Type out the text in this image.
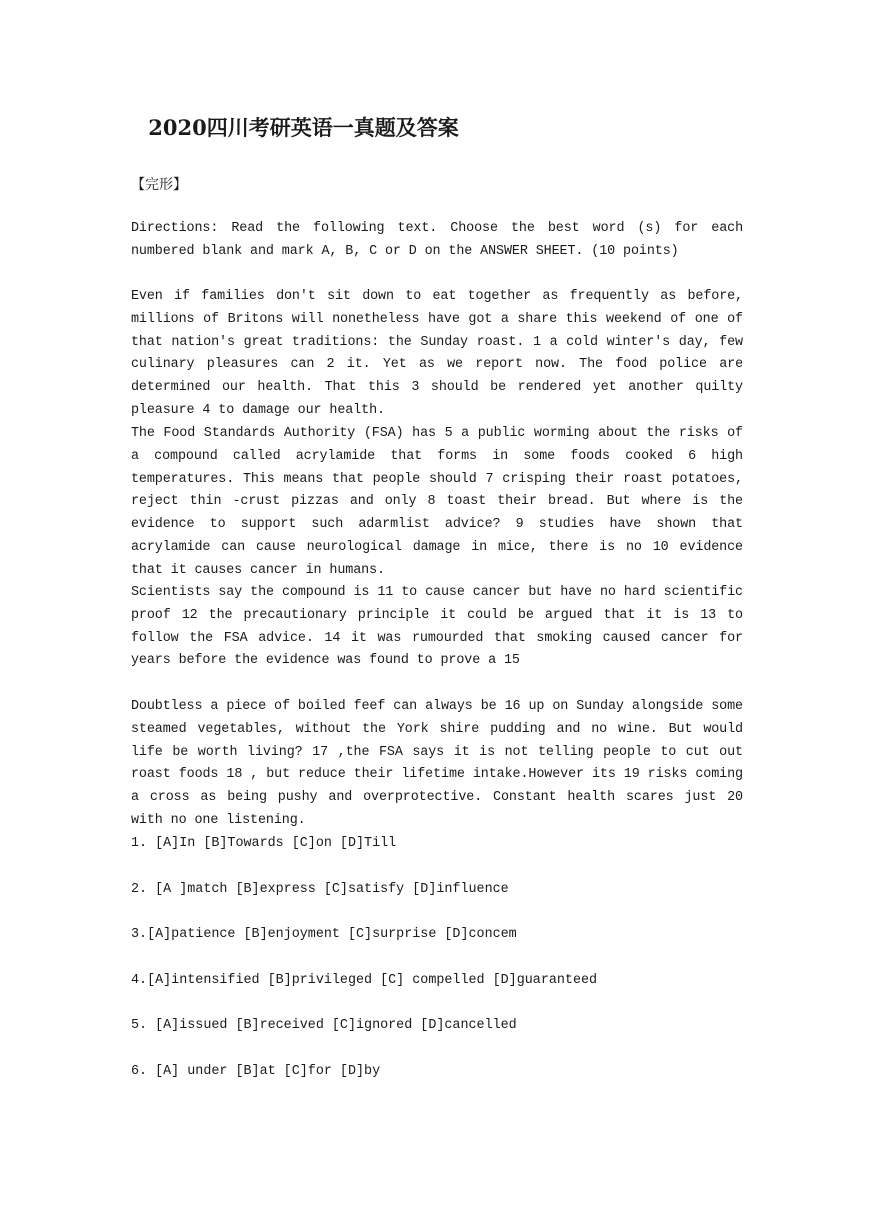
2020四川考研英语一真题及答案

【完形】

Directions: Read the following text. Choose the best word (s) for each numbered blank and mark A, B, C or D on the ANSWER SHEET. (10 points)

Even if families don't sit down to eat together as frequently as before, millions of Britons will nonetheless have got a share this weekend of one of that nation's great traditions: the Sunday roast. 1 a cold winter's day, few culinary pleasures can 2 it. Yet as we report now. The food police are determined our health. That this 3 should be rendered yet another quilty pleasure 4 to damage our health.

The Food Standards Authority (FSA) has 5 a public worming about the risks of a compound called acrylamide that forms in some foods cooked 6 high temperatures. This means that people should 7 crisping their roast potatoes, reject thin -crust pizzas and only 8 toast their bread. But where is the evidence to support such adarmlist advice? 9 studies have shown that acrylamide can cause neurological damage in mice, there is no 10 evidence that it causes cancer in humans.

Scientists say the compound is 11 to cause cancer but have no hard scientific proof 12 the precautionary principle it could be argued that it is 13 to follow the FSA advice. 14 it was rumourded that smoking caused cancer for years before the evidence was found to prove a 15

Doubtless a piece of boiled feef can always be 16 up on Sunday alongside some steamed vegetables, without the York shire pudding and no wine. But would life be worth living? 17 ,the FSA says it is not telling people to cut out roast foods 18 , but reduce their lifetime intake.However its 19 risks coming a cross as being pushy and overprotective. Constant health scares just 20 with no one listening.

1. [A]In [B]Towards [C]on [D]Till

2. [A ]match [B]express [C]satisfy [D]influence

3.[A]patience [B]enjoyment [C]surprise [D]concem

4.[A]intensified [B]privileged [C] compelled [D]guaranteed

5. [A]issued [B]received [C]ignored [D]cancelled

6. [A] under [B]at [C]for [D]by
